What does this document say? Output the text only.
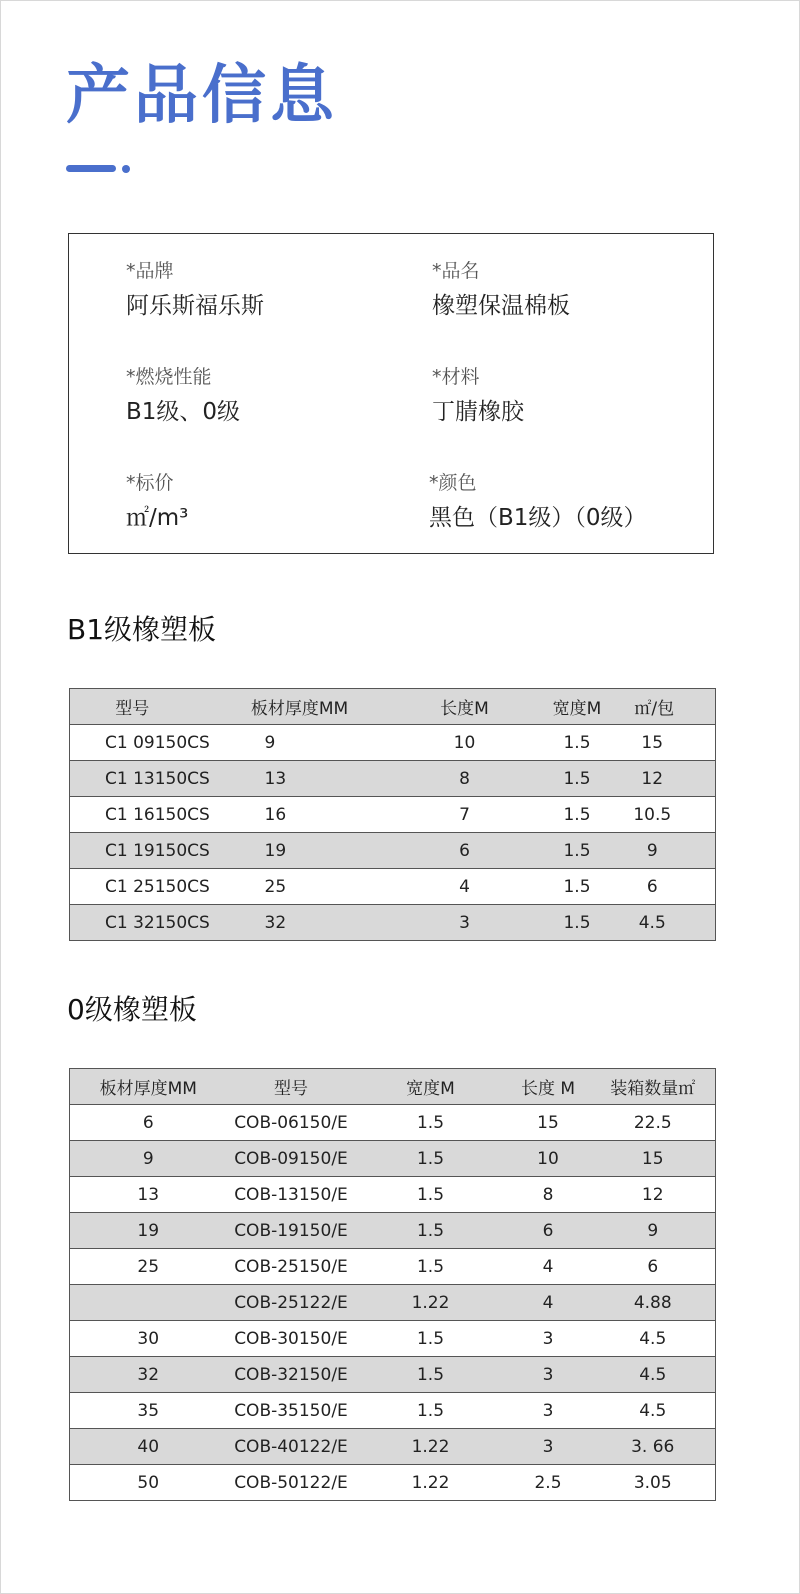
产品信息
*品牌
阿乐斯福乐斯
*品名
橡塑保温棉板
*燃烧性能
B1级、0级
*材料
丁腈橡胶
*标价
㎡/m³
*颜色
黑色（B1级）（0级）
B1级橡塑板
型号	板材厚度MM	长度M	宽度M	㎡/包
C1 09150CS	9	10	1.5	15
C1 13150CS	13	8	1.5	12
C1 16150CS	16	7	1.5	10.5
C1 19150CS	19	6	1.5	9
C1 25150CS	25	4	1.5	6
C1 32150CS	32	3	1.5	4.5
0级橡塑板
板材厚度MM	型号	宽度M	长度 M	装箱数量㎡
6	COB-06150/E	1.5	15	22.5
9	COB-09150/E	1.5	10	15
13	COB-13150/E	1.5	8	12
19	COB-19150/E	1.5	6	9
25	COB-25150/E	1.5	4	6
	COB-25122/E	1.22	4	4.88
30	COB-30150/E	1.5	3	4.5
32	COB-32150/E	1.5	3	4.5
35	COB-35150/E	1.5	3	4.5
40	COB-40122/E	1.22	3	3. 66
50	COB-50122/E	1.22	2.5	3.05
